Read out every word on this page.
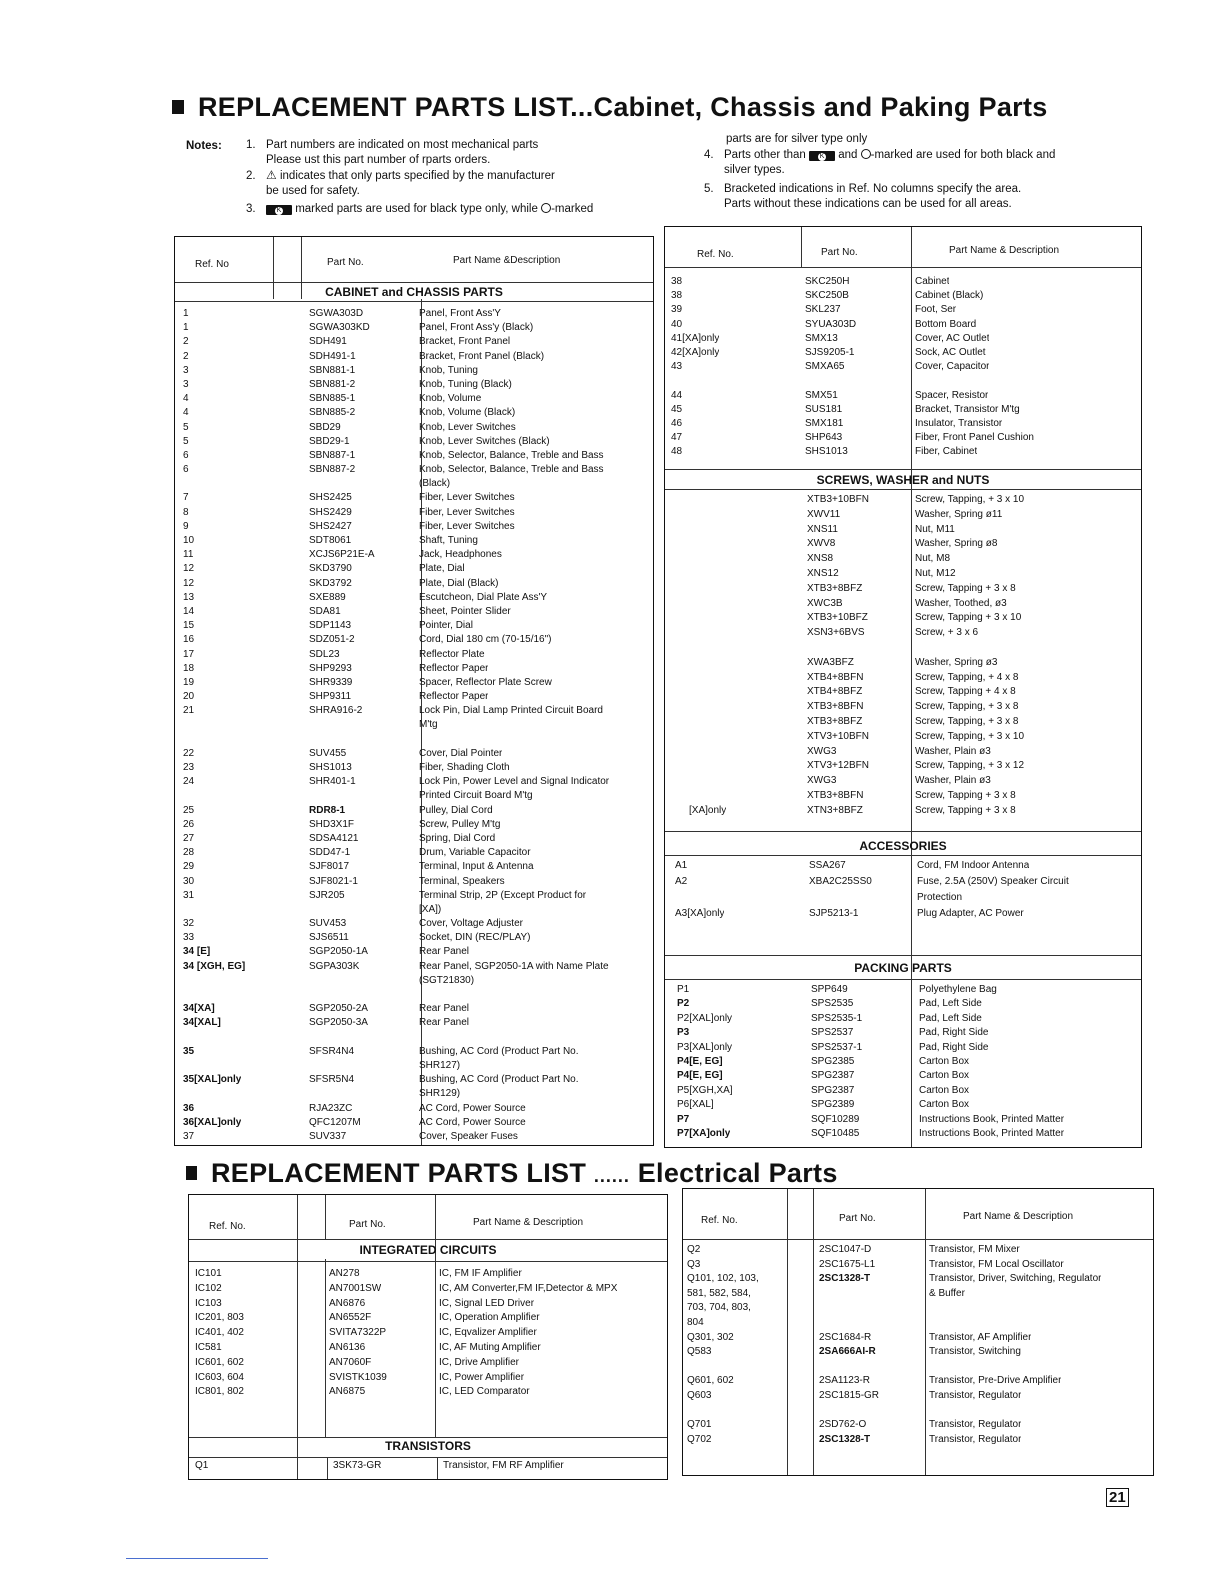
REPLACEMENT PARTS LIST...Cabinet, Chassis and Paking Parts
Notes: 1. Part numbers are indicated on most mechanical parts
Please ust this part number of rparts orders.
2. ⚠ indicates that only parts specified by the manufacturer
be used for safety.
3.	K marked parts are used for black type only, while -marked
parts are for silver type only
4. Parts other than K and -marked are used for both black and
silver types.
5. Bracketed indications in Ref. No columns specify the area.
Parts without these indications can be used for all areas.
Ref. No	Part No.	Part Name &Description
CABINET and CHASSIS PARTS
1	SGWA303D	Panel, Front Ass'Y
1	SGWA303KD	Panel, Front Ass'y (Black)
2	SDH491	Bracket, Front Panel
2	SDH491-1	Bracket, Front Panel (Black)
3	SBN881-1	Knob, Tuning
3	SBN881-2	Knob, Tuning (Black)
4	SBN885-1	Knob, Volume
4	SBN885-2	Knob, Volume (Black)
5	SBD29	Knob, Lever Switches
5	SBD29-1	Knob, Lever Switches (Black)
6	SBN887-1	Knob, Selector, Balance, Treble and Bass
6	SBN887-2	Knob, Selector, Balance, Treble and Bass
(Black)
7	SHS2425	Fiber, Lever Switches
8	SHS2429	Fiber, Lever Switches
9	SHS2427	Fiber, Lever Switches
10	SDT8061	Shaft, Tuning
11	XCJS6P21E-A	Jack, Headphones
12	SKD3790	Plate, Dial
12	SKD3792	Plate, Dial (Black)
13	SXE889	Escutcheon, Dial Plate Ass'Y
14	SDA81	Sheet, Pointer Slider
15	SDP1143	Pointer, Dial
16	SDZ051-2	Cord, Dial 180 cm (70-15/16")
17	SDL23	Reflector Plate
18	SHP9293	Reflector Paper
19	SHR9339	Spacer, Reflector Plate Screw
20	SHP9311	Reflector Paper
21	SHRA916-2	Lock Pin, Dial Lamp Printed Circuit Board
M'tg
22	SUV455	Cover, Dial Pointer
23	SHS1013	Fiber, Shading Cloth
24	SHR401-1	Lock Pin, Power Level and Signal Indicator
Printed Circuit Board M'tg
25	RDR8-1	Pulley, Dial Cord
26	SHD3X1F	Screw, Pulley M'tg
27	SDSA4121	Spring, Dial Cord
28	SDD47-1	Drum, Variable Capacitor
29	SJF8017	Terminal, Input & Antenna
30	SJF8021-1	Terminal, Speakers
31	SJR205	Terminal Strip, 2P (Except Product for
[XA])
32	SUV453	Cover, Voltage Adjuster
33	SJS6511	Socket, DIN (REC/PLAY)
34 [E]	SGP2050-1A	Rear Panel
34 [XGH, EG]	SGPA303K	Rear Panel, SGP2050-1A with Name Plate
(SGT21830)
34[XA]	SGP2050-2A	Rear Panel
34[XAL]	SGP2050-3A	Rear Panel
35	SFSR4N4	Bushing, AC Cord (Product Part No.
SHR127)
35[XAL]only	SFSR5N4	Bushing, AC Cord (Product Part No.
SHR129)
36	RJA23ZC	AC Cord, Power Source
36[XAL]only	QFC1207M	AC Cord, Power Source
37	SUV337	Cover, Speaker Fuses
Ref. No.	Part No.	Part Name & Description
38	SKC250H	Cabinet
38	SKC250B	Cabinet (Black)
39	SKL237	Foot, Ser
40	SYUA303D	Bottom Board
41[XA]only	SMX13	Cover, AC Outlet
42[XA]only	SJS9205-1	Sock, AC Outlet
43	SMXA65	Cover, Capacitor
44	SMX51	Spacer, Resistor
45	SUS181	Bracket, Transistor M'tg
46	SMX181	Insulator, Transistor
47	SHP643	Fiber, Front Panel Cushion
48	SHS1013	Fiber, Cabinet
SCREWS, WASHER and NUTS
XTB3+10BFN	Screw, Tapping, + 3 x 10
XWV11	Washer, Spring ø11
XNS11	Nut, M11
XWV8	Washer, Spring ø8
XNS8	Nut, M8
XNS12	Nut, M12
XTB3+8BFZ	Screw, Tapping + 3 x 8
XWC3B	Washer, Toothed, ø3
XTB3+10BFZ	Screw, Tapping + 3 x 10
XSN3+6BVS	Screw, + 3 x 6
XWA3BFZ	Washer, Spring ø3
XTB4+8BFN	Screw, Tapping, + 4 x 8
XTB4+8BFZ	Screw, Tapping + 4 x 8
XTB3+8BFN	Screw, Tapping, + 3 x 8
XTB3+8BFZ	Screw, Tapping, + 3 x 8
XTV3+10BFN	Screw, Tapping, + 3 x 10
XWG3	Washer, Plain ø3
XTV3+12BFN	Screw, Tapping, + 3 x 12
XWG3	Washer, Plain ø3
XTB3+8BFN	Screw, Tapping + 3 x 8
[XA]only	XTN3+8BFZ	Screw, Tapping + 3 x 8
ACCESSORIES
A1	SSA267	Cord, FM Indoor Antenna
A2	XBA2C25SS0	Fuse, 2.5A (250V) Speaker Circuit
Protection
A3[XA]only	SJP5213-1	Plug Adapter, AC Power
PACKING PARTS
P1	SPP649	Polyethylene Bag
P2	SPS2535	Pad, Left Side
P2[XAL]only	SPS2535-1	Pad, Left Side
P3	SPS2537	Pad, Right Side
P3[XAL]only	SPS2537-1	Pad, Right Side
P4[E, EG]	SPG2385	Carton Box
P4[E, EG]	SPG2387	Carton Box
P5[XGH,XA]	SPG2387	Carton Box
P6[XAL]	SPG2389	Carton Box
P7	SQF10289	Instructions Book, Printed Matter
P7[XA]only	SQF10485	Instructions Book, Printed Matter
REPLACEMENT PARTS LIST ...... Electrical Parts
Ref. No.	Part No.	Part Name & Description
INTEGRATED CIRCUITS
IC101	AN278	IC, FM IF Amplifier
IC102	AN7001SW	IC, AM Converter,FM IF,Detector & MPX
IC103	AN6876	IC, Signal LED Driver
IC201, 803	AN6552F	IC, Operation Amplifier
IC401, 402	SVITA7322P	IC, Eqvalizer Amplifier
IC581	AN6136	IC, AF Muting Amplifier
IC601, 602	AN7060F	IC, Drive Amplifier
IC603, 604	SVISTK1039	IC, Power Amplifier
IC801, 802	AN6875	IC, LED Comparator
TRANSISTORS
Q1	3SK73-GR	Transistor, FM RF Amplifier
Ref. No.	Part No.	Part Name & Description
Q2	2SC1047-D	Transistor, FM Mixer
Q3	2SC1675-L1	Transistor, FM Local Oscillator
Q101, 102, 103,	2SC1328-T	Transistor, Driver, Switching, Regulator
581, 582, 584,	& Buffer
703, 704, 803,
804
Q301, 302	2SC1684-R	Transistor, AF Amplifier
Q583	2SA666AI-R	Transistor, Switching
Q601, 602	2SA1123-R	Transistor, Pre-Drive Amplifier
Q603	2SC1815-GR	Transistor, Regulator
Q701	2SD762-O	Transistor, Regulator
Q702	2SC1328-T	Transistor, Regulator
21
